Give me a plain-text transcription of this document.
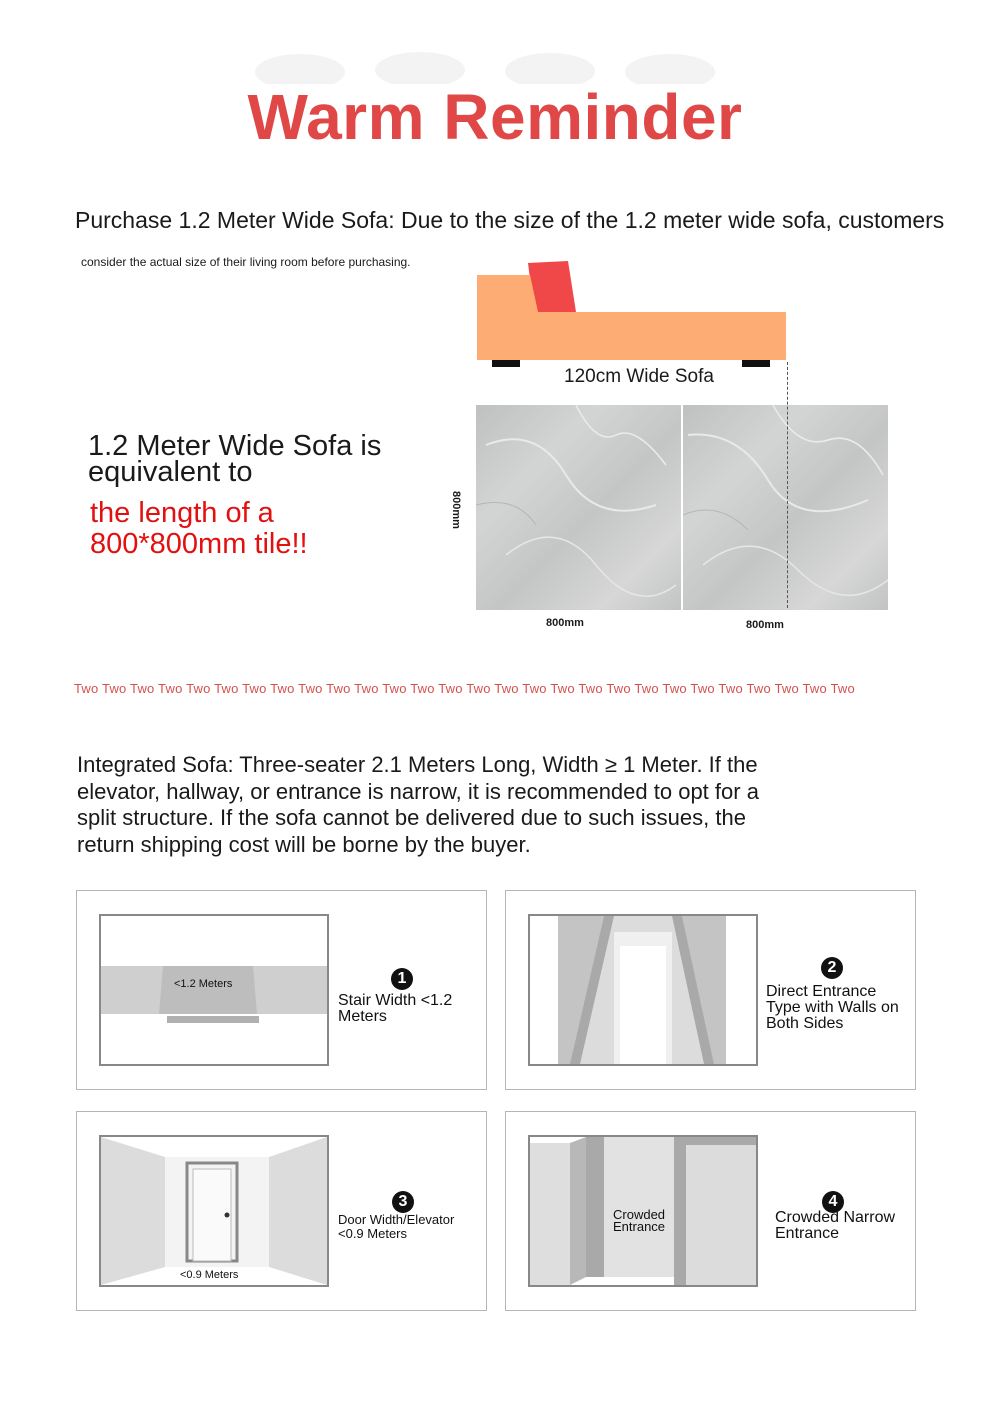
Warm Reminder
Purchase 1.2 Meter Wide Sofa: Due to the size of the 1.2 meter wide sofa, customers
consider the actual size of their living room before purchasing.
1.2 Meter Wide Sofa is equivalent to
the length of a 800*800mm tile!!
120cm Wide Sofa
800mm
800mm	800mm
Two Two Two Two Two Two Two Two Two Two Two Two Two Two Two Two Two Two Two Two Two Two Two Two Two Two Two Two
Integrated Sofa: Three-seater 2.1 Meters Long, Width ≥ 1 Meter. If the elevator, hallway, or entrance is narrow, it is recommended to opt for a split structure. If the sofa cannot be delivered due to such issues, the return shipping cost will be borne by the buyer.
<1.2 Meters	1
Stair Width <1.2 Meters
2
Direct Entrance Type with Walls on Both Sides
<0.9 Meters
3
Door Width/Elevator <0.9 Meters
Crowded Entrance
4
Crowded Narrow Entrance
